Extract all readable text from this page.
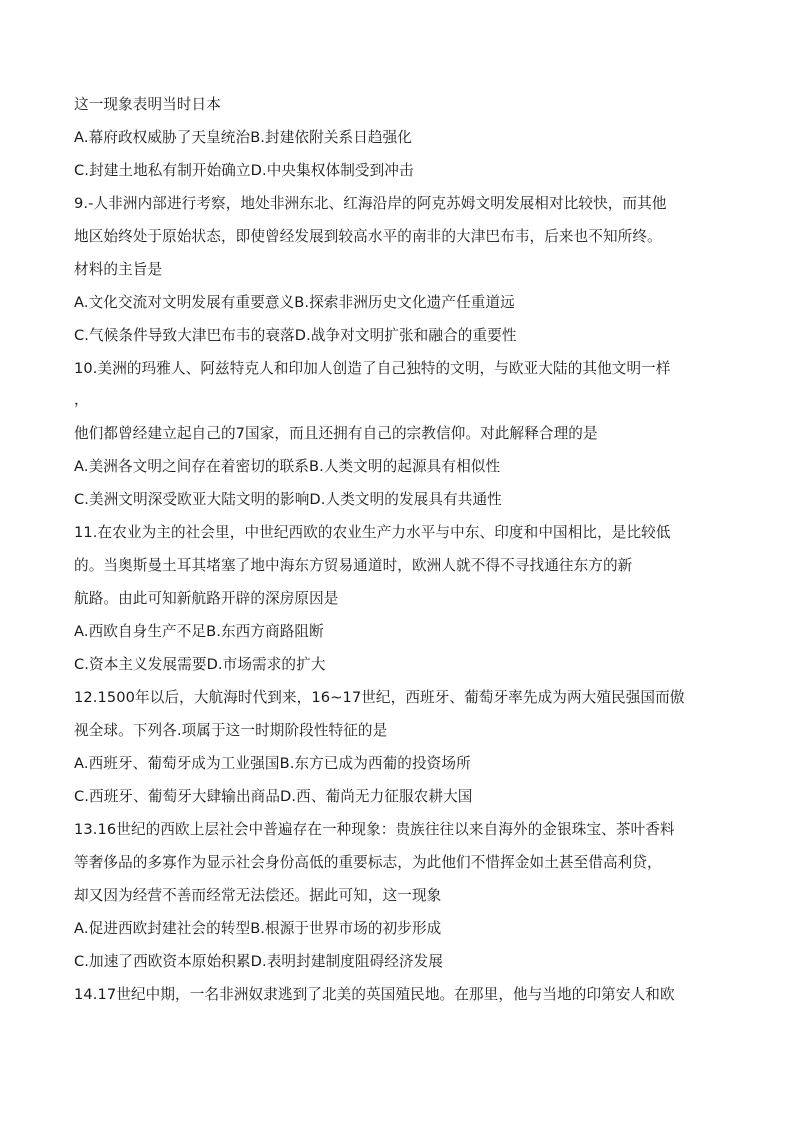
这一现象表明当时日本
A.幕府政权威胁了天皇统治B.封建依附关系日趋强化
C.封建土地私有制开始确立D.中央集权体制受到冲击
9.-人非洲内部进行考察，地处非洲东北、红海沿岸的阿克苏姆文明发展相对比较快，而其他
地区始终处于原始状态，即使曾经发展到较高水平的南非的大津巴布韦，后来也不知所终。
材料的主旨是
A.文化交流对文明发展有重要意义B.探索非洲历史文化遗产任重道远
C.气候条件导致大津巴布韦的衰落D.战争对文明扩张和融合的重要性
10.美洲的玛雅人、阿兹特克人和印加人创造了自己独特的文明，与欧亚大陆的其他文明一样
，
他们都曾经建立起自己的7国家，而且还拥有自己的宗教信仰。对此解释合理的是
A.美洲各文明之间存在着密切的联系B.人类文明的起源具有相似性
C.美洲文明深受欧亚大陆文明的影响D.人类文明的发展具有共通性
11.在农业为主的社会里，中世纪西欧的农业生产力水平与中东、印度和中国相比，是比较低
的。当奥斯曼土耳其堵塞了地中海东方贸易通道时，欧洲人就不得不寻找通往东方的新
航路。由此可知新航路开辟的深房原因是
A.西欧自身生产不足B.东西方商路阻断
C.资本主义发展需要D.市场需求的扩大
12.1500年以后，大航海时代到来，16~17世纪，西班牙、葡萄牙率先成为两大殖民强国而傲
视全球。下列各.项属于这一时期阶段性特征的是
A.西班牙、葡萄牙成为工业强国B.东方已成为西葡的投资场所
C.西班牙、葡萄牙大肆输出商品D.西、葡尚无力征服农耕大国
13.16世纪的西欧上层社会中普遍存在一种现象：贵族往往以来自海外的金银珠宝、茶叶香料
等奢侈品的多寡作为显示社会身份高低的重要标志，为此他们不惜挥金如土甚至借高利贷，
却又因为经营不善而经常无法偿还。据此可知，这一现象
A.促进西欧封建社会的转型B.根源于世界市场的初步形成
C.加速了西欧资本原始积累D.表明封建制度阻碍经济发展
14.17世纪中期，一名非洲奴隶逃到了北美的英国殖民地。在那里，他与当地的印第安人和欧
